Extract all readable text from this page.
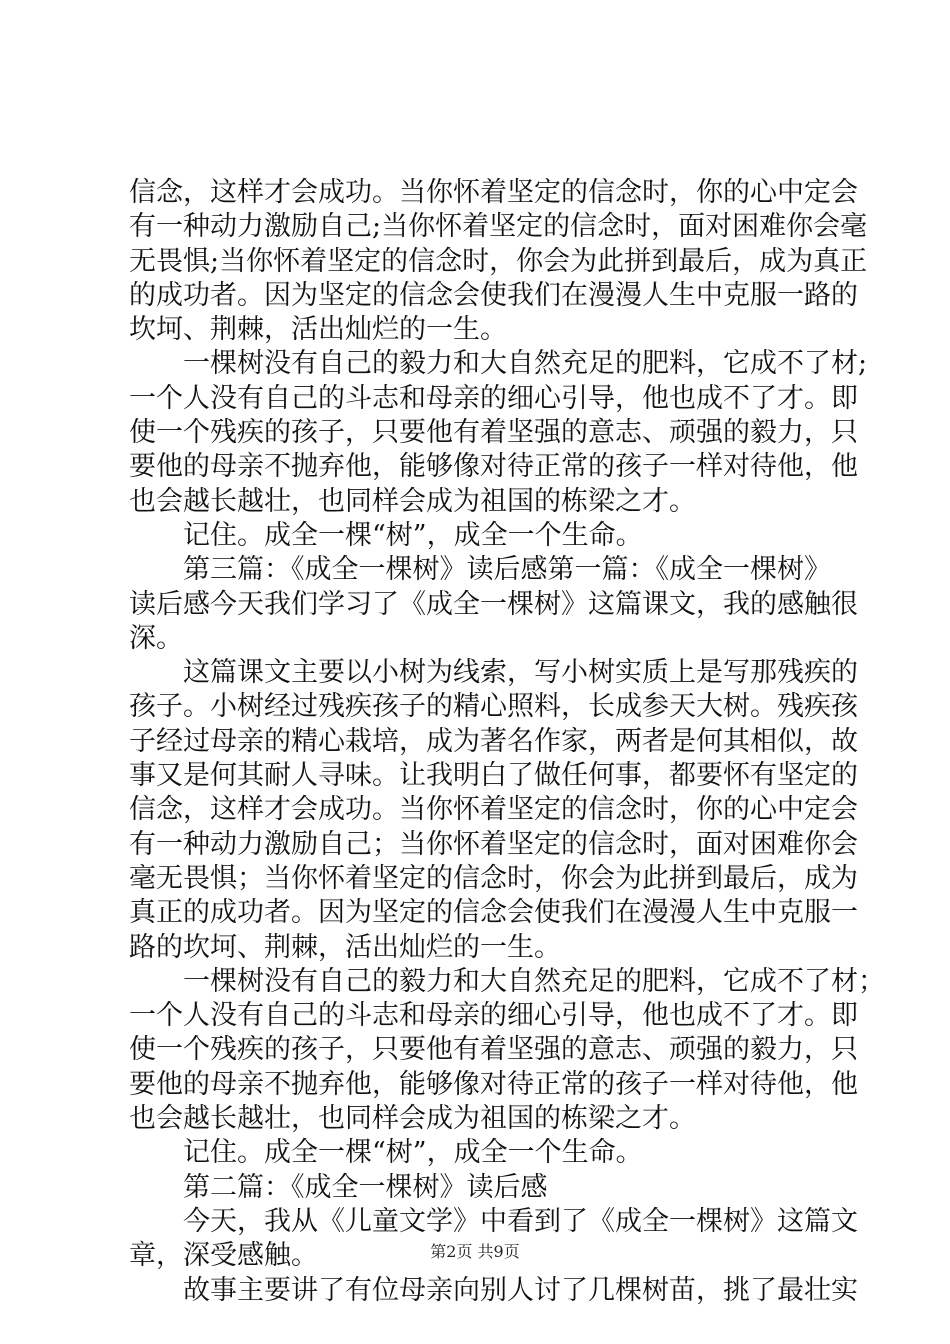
信念，这样才会成功。当你怀着坚定的信念时，你的心中定会
有一种动力激励自己;当你怀着坚定的信念时，面对困难你会毫
无畏惧;当你怀着坚定的信念时，你会为此拼到最后，成为真正
的成功者。因为坚定的信念会使我们在漫漫人生中克服一路的
坎坷、荆棘，活出灿烂的一生。
一棵树没有自己的毅力和大自然充足的肥料，它成不了材;
一个人没有自己的斗志和母亲的细心引导，他也成不了才。即
使一个残疾的孩子，只要他有着坚强的意志、顽强的毅力，只
要他的母亲不抛弃他，能够像对待正常的孩子一样对待他，他
也会越长越壮，也同样会成为祖国的栋梁之才。
记住。成全一棵“树”，成全一个生命。
第三篇：《成全一棵树》读后感第一篇：《成全一棵树》
读后感今天我们学习了《成全一棵树》这篇课文，我的感触很
深。
这篇课文主要以小树为线索，写小树实质上是写那残疾的
孩子。小树经过残疾孩子的精心照料，长成参天大树。残疾孩
子经过母亲的精心栽培，成为著名作家，两者是何其相似，故
事又是何其耐人寻味。让我明白了做任何事，都要怀有坚定的
信念，这样才会成功。当你怀着坚定的信念时，你的心中定会
有一种动力激励自己；当你怀着坚定的信念时，面对困难你会
毫无畏惧；当你怀着坚定的信念时，你会为此拼到最后，成为
真正的成功者。因为坚定的信念会使我们在漫漫人生中克服一
路的坎坷、荆棘，活出灿烂的一生。
一棵树没有自己的毅力和大自然充足的肥料，它成不了材；
一个人没有自己的斗志和母亲的细心引导，他也成不了才。即
使一个残疾的孩子，只要他有着坚强的意志、顽强的毅力，只
要他的母亲不抛弃他，能够像对待正常的孩子一样对待他，他
也会越长越壮，也同样会成为祖国的栋梁之才。
记住。成全一棵“树”，成全一个生命。
第二篇：《成全一棵树》读后感
今天，我从《儿童文学》中看到了《成全一棵树》这篇文
章，深受感触。
故事主要讲了有位母亲向别人讨了几棵树苗，挑了最壮实
第2页 共9页
